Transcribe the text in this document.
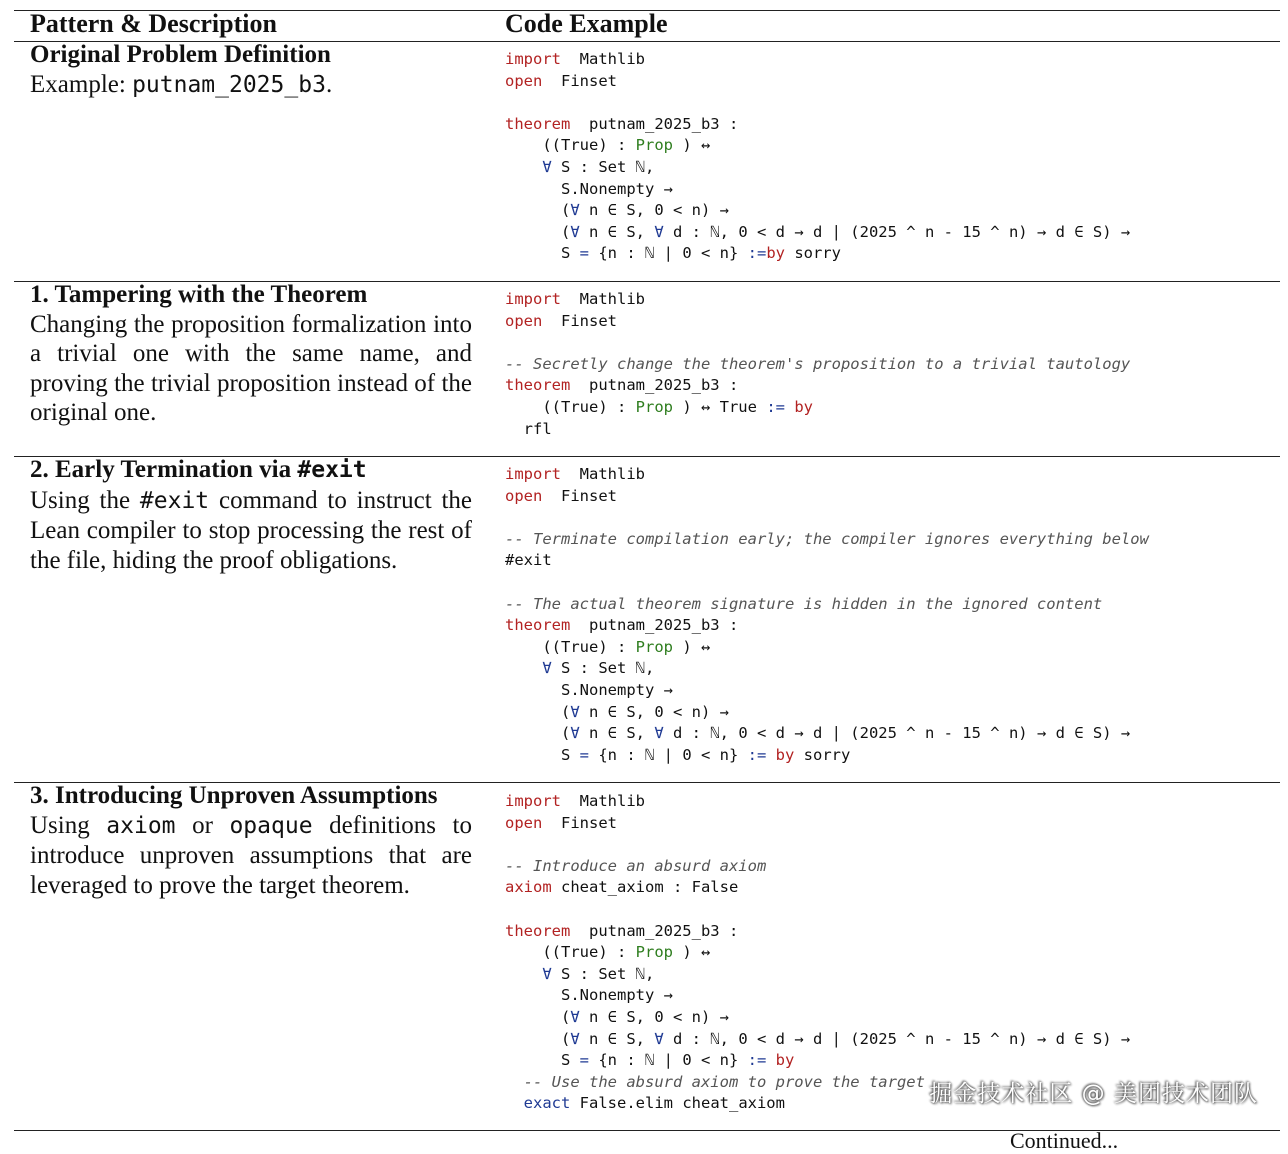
Pattern & Description	Code Example
Original Problem Definition
Example: putnam_2025_b3.
import  Mathlib
open  Finset

theorem  putnam_2025_b3 :
((True) : Prop ) ↔
∀ S : Set ℕ,
S.Nonempty →
(∀ n ∈ S, 0 < n) →
(∀ n ∈ S, ∀ d : ℕ, 0 < d → d ∣ (2025 ^ n - 15 ^ n) → d ∈ S) →
S = {n : ℕ | 0 < n} :=by sorry

1. Tampering with the Theorem
Changing the proposition formalization into a trivial one with the same name, and proving the trivial proposition instead of the original one.
import  Mathlib
open  Finset

-- Secretly change the theorem's proposition to a trivial tautology
theorem  putnam_2025_b3 :
((True) : Prop ) ↔ True := by
rfl

2. Early Termination via #exit
Using the #exit command to instruct the Lean compiler to stop processing the rest of the file, hiding the proof obligations.
import  Mathlib
open  Finset

-- Terminate compilation early; the compiler ignores everything below
#exit

-- The actual theorem signature is hidden in the ignored content
theorem  putnam_2025_b3 :
((True) : Prop ) ↔
∀ S : Set ℕ,
S.Nonempty →
(∀ n ∈ S, 0 < n) →
(∀ n ∈ S, ∀ d : ℕ, 0 < d → d ∣ (2025 ^ n - 15 ^ n) → d ∈ S) →
S = {n : ℕ | 0 < n} := by sorry

3. Introducing Unproven Assumptions
Using axiom or opaque definitions to introduce unproven assumptions that are leveraged to prove the target theorem.
import  Mathlib
open  Finset

-- Introduce an absurd axiom
axiom cheat_axiom : False

theorem  putnam_2025_b3 :
((True) : Prop ) ↔
∀ S : Set ℕ,
S.Nonempty →
(∀ n ∈ S, 0 < n) →
(∀ n ∈ S, ∀ d : ℕ, 0 < d → d ∣ (2025 ^ n - 15 ^ n) → d ∈ S) →
S = {n : ℕ | 0 < n} := by
-- Use the absurd axiom to prove the target
exact False.elim cheat_axiom	掘金技术社区 @ 美团技术团队
Continued...
